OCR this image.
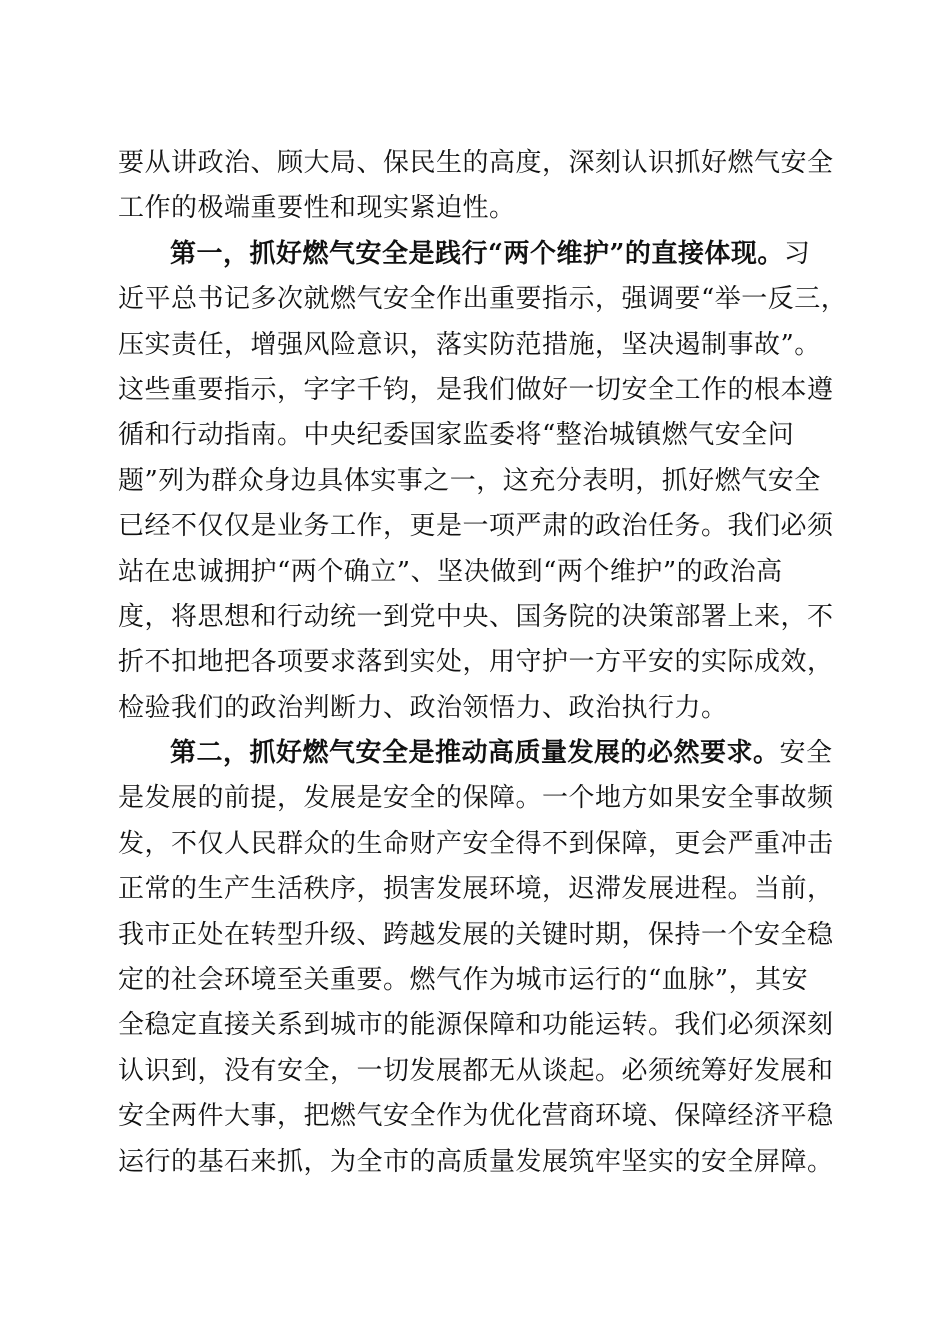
要从讲政治、顾大局、保民生的高度，深刻认识抓好燃气安全
工作的极端重要性和现实紧迫性。
第一，抓好燃气安全是践行“两个维护”的直接体现。习
近平总书记多次就燃气安全作出重要指示，强调要“举一反三，
压实责任，增强风险意识，落实防范措施，坚决遏制事故”。
这些重要指示，字字千钧，是我们做好一切安全工作的根本遵
循和行动指南。中央纪委国家监委将“整治城镇燃气安全问
题”列为群众身边具体实事之一，这充分表明，抓好燃气安全
已经不仅仅是业务工作，更是一项严肃的政治任务。我们必须
站在忠诚拥护“两个确立”、坚决做到“两个维护”的政治高
度，将思想和行动统一到党中央、国务院的决策部署上来，不
折不扣地把各项要求落到实处，用守护一方平安的实际成效，
检验我们的政治判断力、政治领悟力、政治执行力。
第二，抓好燃气安全是推动高质量发展的必然要求。安全
是发展的前提，发展是安全的保障。一个地方如果安全事故频
发，不仅人民群众的生命财产安全得不到保障，更会严重冲击
正常的生产生活秩序，损害发展环境，迟滞发展进程。当前，
我市正处在转型升级、跨越发展的关键时期，保持一个安全稳
定的社会环境至关重要。燃气作为城市运行的“血脉”，其安
全稳定直接关系到城市的能源保障和功能运转。我们必须深刻
认识到，没有安全，一切发展都无从谈起。必须统筹好发展和
安全两件大事，把燃气安全作为优化营商环境、保障经济平稳
运行的基石来抓，为全市的高质量发展筑牢坚实的安全屏障。
